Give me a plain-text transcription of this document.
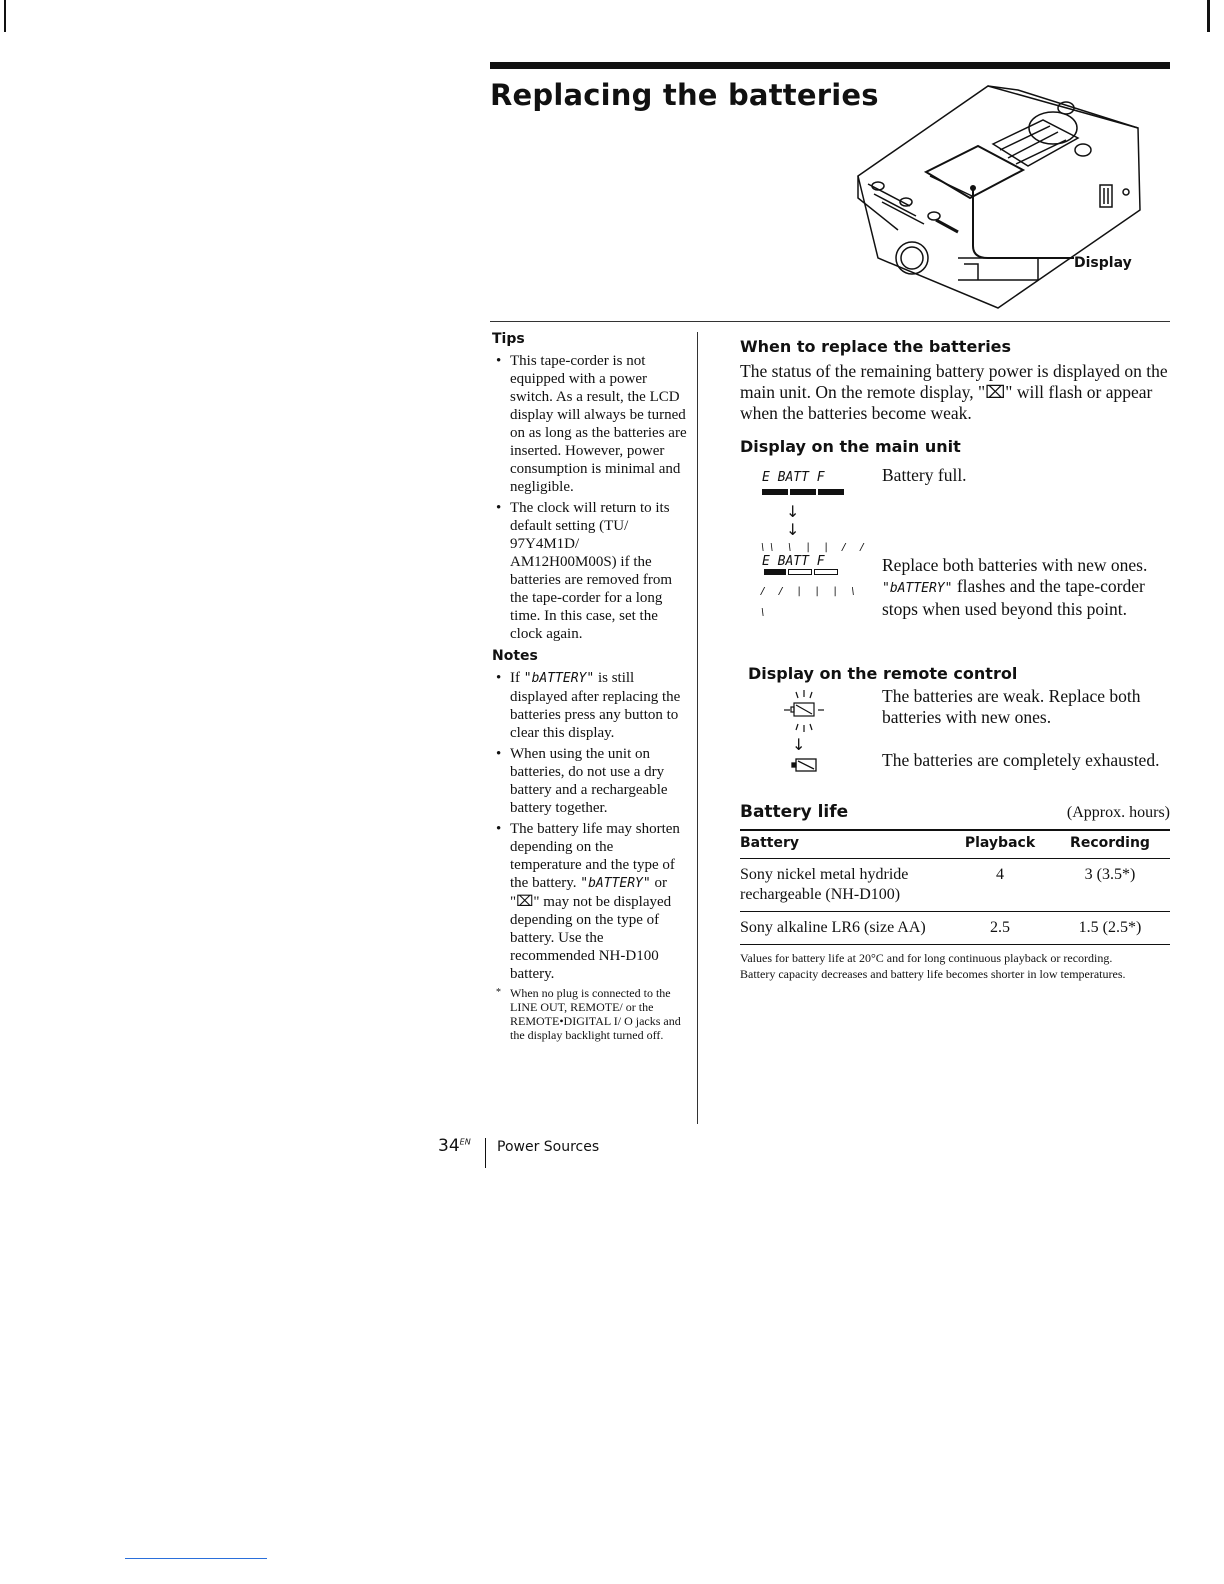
Replacing the batteries
Display
Tips
• This tape-corder is not equipped with a power switch. As a result, the LCD display will always be turned on as long as the batteries are inserted. However, power consumption is minimal and negligible.
• The clock will return to its default setting (TU/ 97Y4M1D/ AM12H00M00S) if the batteries are removed from the tape-corder for a long time. In this case, set the clock again.
Notes
• If "bATTERY" is still displayed after replacing the batteries press any button to clear this display.
• When using the unit on batteries, do not use a dry battery and a rechargeable battery together.
• The battery life may shorten depending on the temperature and the type of the battery. "bATTERY" or "⌧" may not be displayed depending on the type of battery. Use the recommended NH-D100 battery.
* When no plug is connected to the LINE OUT, REMOTE/ or the REMOTE•DIGITAL I/ O jacks and the display backlight turned off.
When to replace the batteries
The status of the remaining battery power is displayed on the main unit. On the remote display, "⌧" will flash or appear when the batteries become weak.
Display on the main unit
E BATT F	Battery full.
↓
↓
\\ \ | | / /
E BATT F
/ / | | | \ \
Replace both batteries with new ones.
"bATTERY" flashes and the tape-corder stops when used beyond this point.
Display on the remote control
The batteries are weak. Replace both batteries with new ones.
↓
The batteries are completely exhausted.
Battery life	(Approx. hours)
Battery	Playback	Recording
Sony nickel metal hydride rechargeable (NH-D100)	4	3 (3.5*)
Sony alkaline LR6 (size AA)	2.5	1.5 (2.5*)
Values for battery life at 20°C and for long continuous playback or recording.
Battery capacity decreases and battery life becomes shorter in low temperatures.
$34^{EN}$ Power Sources
